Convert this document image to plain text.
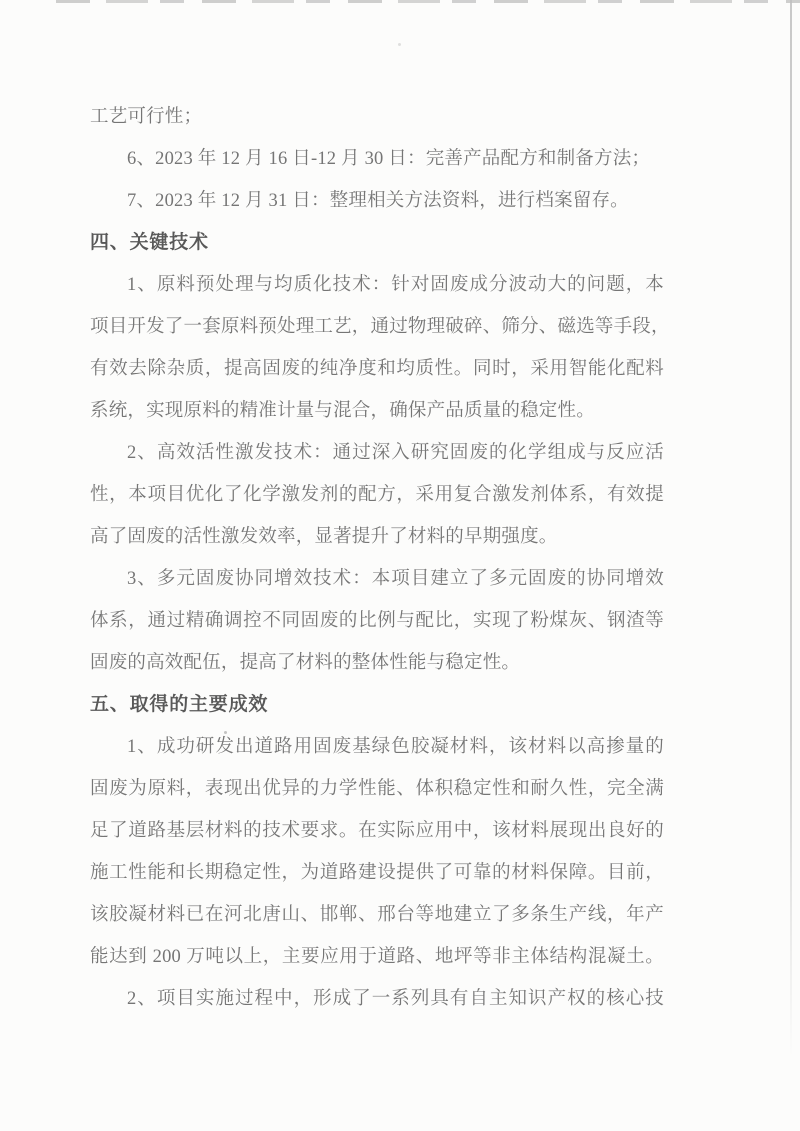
工艺可行性；
6、2023 年 12 月 16 日-12 月 30 日：完善产品配方和制备方法；
7、2023 年 12 月 31 日：整理相关方法资料，进行档案留存。
四、关键技术
1、原料预处理与均质化技术：针对固废成分波动大的问题，本
项目开发了一套原料预处理工艺，通过物理破碎、筛分、磁选等手段，
有效去除杂质，提高固废的纯净度和均质性。同时，采用智能化配料
系统，实现原料的精准计量与混合，确保产品质量的稳定性。
2、高效活性激发技术：通过深入研究固废的化学组成与反应活
性，本项目优化了化学激发剂的配方，采用复合激发剂体系，有效提
高了固废的活性激发效率，显著提升了材料的早期强度。
3、多元固废协同增效技术：本项目建立了多元固废的协同增效
体系，通过精确调控不同固废的比例与配比，实现了粉煤灰、钢渣等
固废的高效配伍，提高了材料的整体性能与稳定性。
五、取得的主要成效
1、成功研发出道路用固废基绿色胶凝材料，该材料以高掺量的
固废为原料，表现出优异的力学性能、体积稳定性和耐久性，完全满
足了道路基层材料的技术要求。在实际应用中，该材料展现出良好的
施工性能和长期稳定性，为道路建设提供了可靠的材料保障。目前，
该胶凝材料已在河北唐山、邯郸、邢台等地建立了多条生产线，年产
能达到 200 万吨以上，主要应用于道路、地坪等非主体结构混凝土。
2、项目实施过程中，形成了一系列具有自主知识产权的核心技
